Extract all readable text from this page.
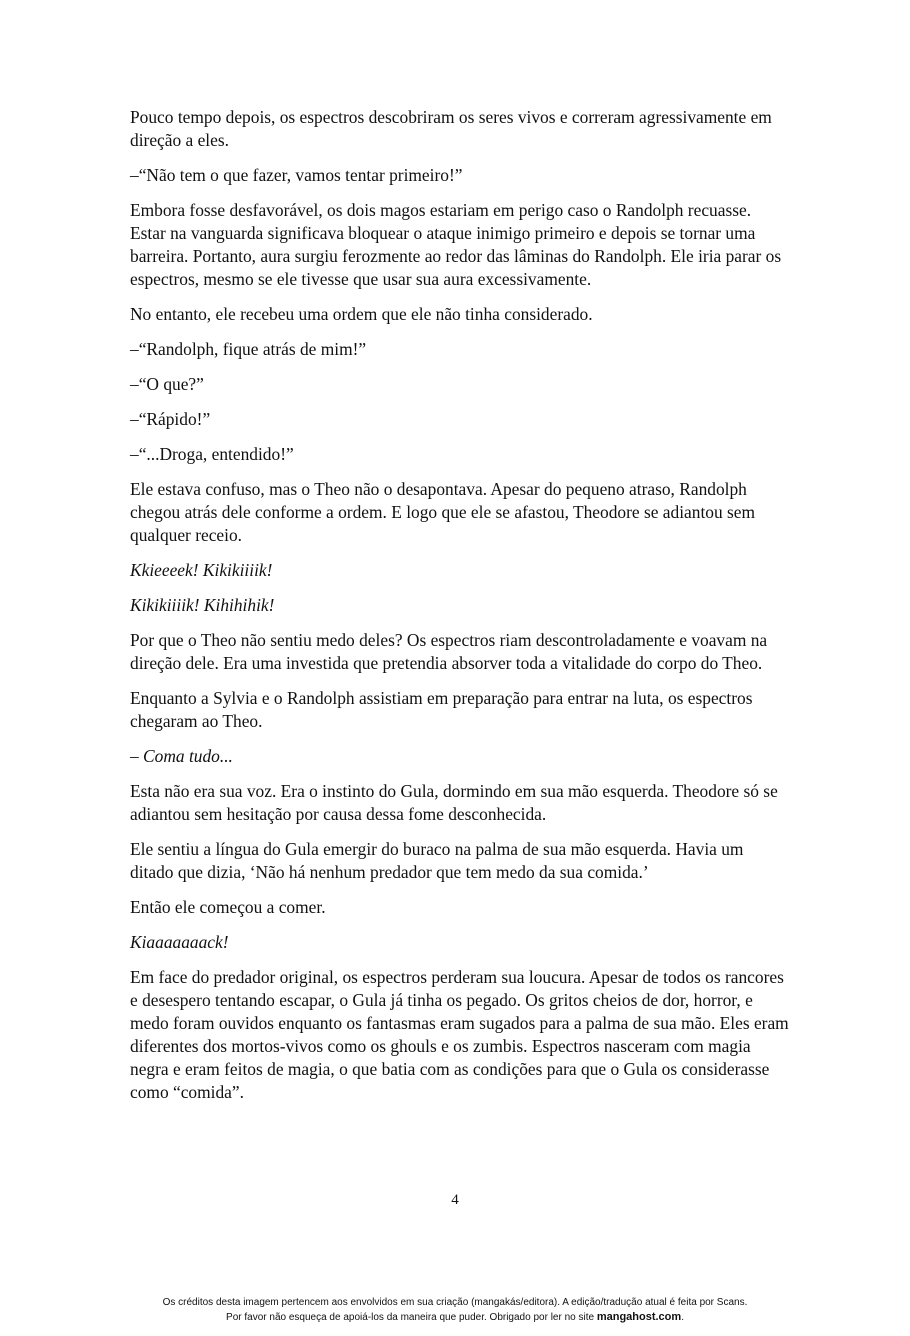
Pouco tempo depois, os espectros descobriram os seres vivos e correram agressivamente em direção a eles.

–“Não tem o que fazer, vamos tentar primeiro!”

Embora fosse desfavorável, os dois magos estariam em perigo caso o Randolph recuasse. Estar na vanguarda significava bloquear o ataque inimigo primeiro e depois se tornar uma barreira. Portanto, aura surgiu ferozmente ao redor das lâminas do Randolph. Ele iria parar os espectros, mesmo se ele tivesse que usar sua aura excessivamente.

No entanto, ele recebeu uma ordem que ele não tinha considerado.

–“Randolph, fique atrás de mim!”

–“O que?”

–“Rápido!”

–“...Droga, entendido!”

Ele estava confuso, mas o Theo não o desapontava. Apesar do pequeno atraso, Randolph chegou atrás dele conforme a ordem. E logo que ele se afastou, Theodore se adiantou sem qualquer receio.

Kkieeeek! Kikikiiiik!

Kikikiiiik! Kihihihik!

Por que o Theo não sentiu medo deles? Os espectros riam descontroladamente e voavam na direção dele. Era uma investida que pretendia absorver toda a vitalidade do corpo do Theo.

Enquanto a Sylvia e o Randolph assistiam em preparação para entrar na luta, os espectros chegaram ao Theo.

– Coma tudo...

Esta não era sua voz. Era o instinto do Gula, dormindo em sua mão esquerda. Theodore só se adiantou sem hesitação por causa dessa fome desconhecida.

Ele sentiu a língua do Gula emergir do buraco na palma de sua mão esquerda. Havia um ditado que dizia, ‘Não há nenhum predador que tem medo da sua comida.’

Então ele começou a comer.

Kiaaaaaaack!

Em face do predador original, os espectros perderam sua loucura. Apesar de todos os rancores e desespero tentando escapar, o Gula já tinha os pegado. Os gritos cheios de dor, horror, e medo foram ouvidos enquanto os fantasmas eram sugados para a palma de sua mão. Eles eram diferentes dos mortos-vivos como os ghouls e os zumbis. Espectros nasceram com magia negra e eram feitos de magia, o que batia com as condições para que o Gula os considerasse como “comida”.

4
Os créditos desta imagem pertencem aos envolvidos em sua criação (mangakás/editora). A edição/tradução atual é feita por Scans.
Por favor não esqueça de apoiá-los da maneira que puder. Obrigado por ler no site mangahost.com.
